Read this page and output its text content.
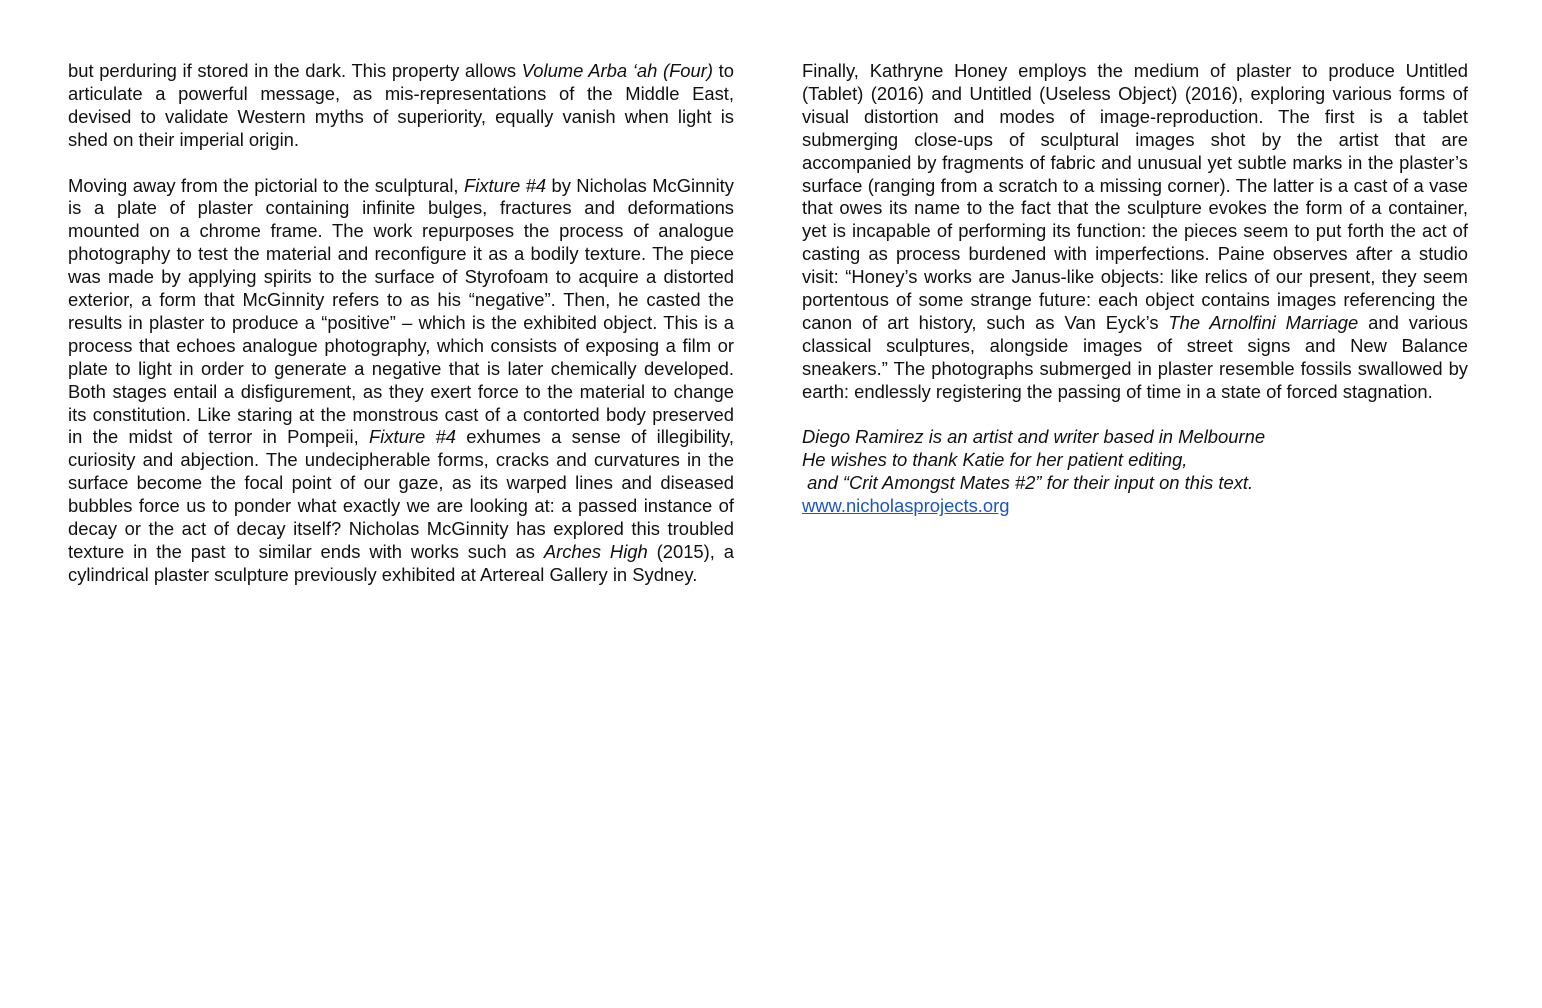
but perduring if stored in the dark. This property allows Volume Arba ‘ah (Four) to articulate a powerful message, as mis-representations of the Middle East, devised to validate Western myths of superiority, equally vanish when light is shed on their imperial origin.

Moving away from the pictorial to the sculptural, Fixture #4 by Nicholas McGinnity is a plate of plaster containing infinite bulges, fractures and deformations mounted on a chrome frame. The work repurposes the process of analogue photography to test the material and reconfigure it as a bodily texture. The piece was made by applying spirits to the surface of Styrofoam to acquire a distorted exterior, a form that McGinnity refers to as his “negative”. Then, he casted the results in plaster to produce a “positive” – which is the exhibited object. This is a process that echoes analogue photography, which consists of exposing a film or plate to light in order to generate a negative that is later chemically developed. Both stages entail a disfigurement, as they exert force to the material to change its constitution. Like staring at the monstrous cast of a contorted body preserved in the midst of terror in Pompeii, Fixture #4 exhumes a sense of illegibility, curiosity and abjection. The undecipherable forms, cracks and curvatures in the surface become the focal point of our gaze, as its warped lines and diseased bubbles force us to ponder what exactly we are looking at: a passed instance of decay or the act of decay itself? Nicholas McGinnity has explored this troubled texture in the past to similar ends with works such as Arches High (2015), a cylindrical plaster sculpture previously exhibited at Artereal Gallery in Sydney.

Finally, Kathryne Honey employs the medium of plaster to produce Untitled (Tablet) (2016) and Untitled (Useless Object) (2016), exploring various forms of visual distortion and modes of image-reproduction. The first is a tablet submerging close-ups of sculptural images shot by the artist that are accompanied by fragments of fabric and unusual yet subtle marks in the plaster’s surface (ranging from a scratch to a missing corner). The latter is a cast of a vase that owes its name to the fact that the sculpture evokes the form of a container, yet is incapable of performing its function: the pieces seem to put forth the act of casting as process burdened with imperfections. Paine observes after a studio visit: “Honey’s works are Janus-like objects: like relics of our present, they seem portentous of some strange future: each object contains images referencing the canon of art history, such as Van Eyck’s The Arnolfini Marriage and various classical sculptures, alongside images of street signs and New Balance sneakers.” The photographs submerged in plaster resemble fossils swallowed by earth: endlessly registering the passing of time in a state of forced stagnation.

Diego Ramirez is an artist and writer based in Melbourne
He wishes to thank Katie for her patient editing,
and “Crit Amongst Mates #2” for their input on this text.
www.nicholasprojects.org
